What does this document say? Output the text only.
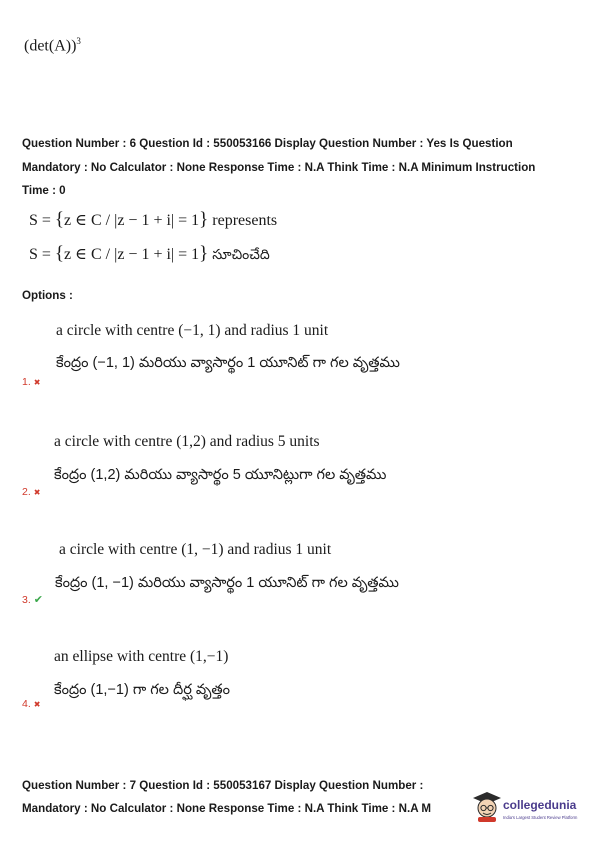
$(\det(A))^3$
Question Number : 6 Question Id : 550053166 Display Question Number : Yes Is Question
Mandatory : No Calculator : None Response Time : N.A Think Time : N.A Minimum Instruction
Time : 0
S = {z ∈ C / |z − 1 + i| = 1} represents
S = {z ∈ C / |z − 1 + i| = 1} సూచించేది
Options :
a circle with centre (−1, 1) and radius 1 unit
కేంద్రం (−1, 1) మరియు వ్యాసార్థం 1 యూనిట్ గా గల వృత్తము
1. ✖
a circle with centre (1,2) and radius 5 units
కేంద్రం (1,2) మరియు వ్యాసార్థం 5 యూనిట్లుగా గల వృత్తము
2. ✖
a circle with centre (1, −1) and radius 1 unit
కేంద్రం (1, −1) మరియు వ్యాసార్థం 1 యూనిట్ గా గల వృత్తము
3. ✔
an ellipse with centre (1,−1)
కేంద్రం (1,−1) గా గల దీర్ఘ వృత్తం
4. ✖
Question Number : 7 Question Id : 550053167 Display Question Number :
Mandatory : No Calculator : None Response Time : N.A Think Time : N.A M	collegedunia
India's Largest Student Review Platform
